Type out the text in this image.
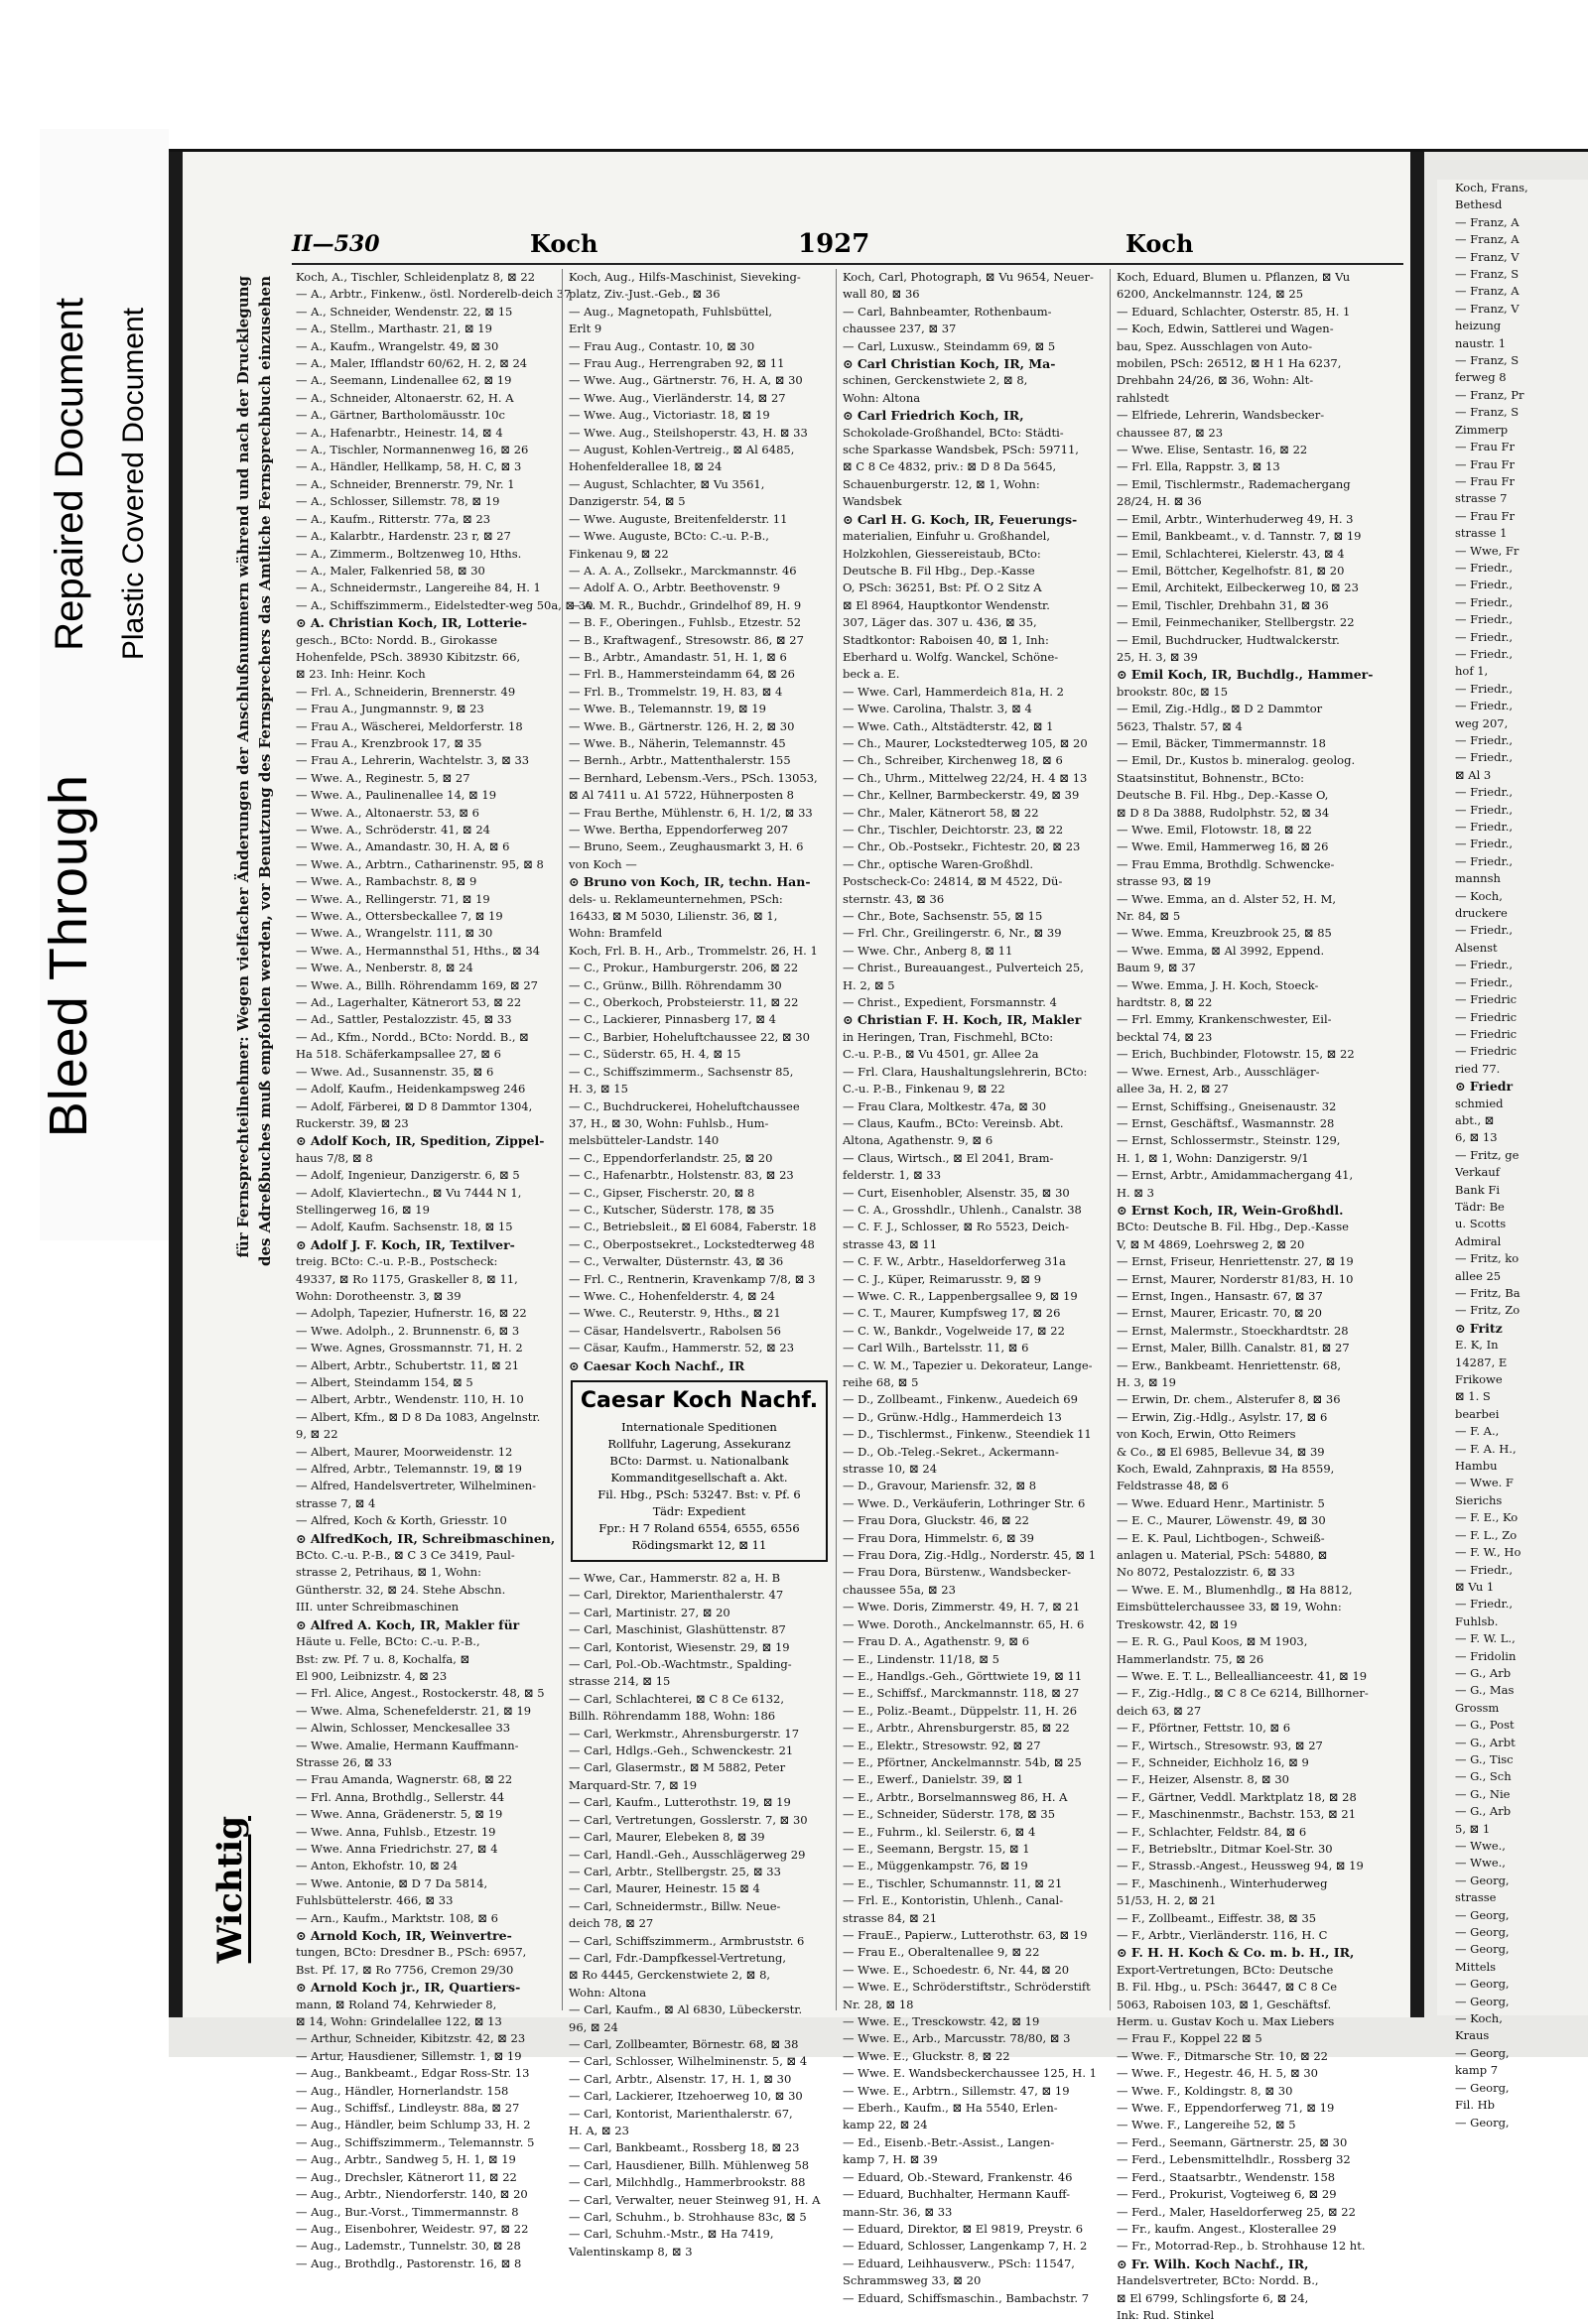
Bleed Through
Repaired Document Plastic Covered Document
II—530	Koch	1927	Koch
für Fernsprechteilnehmer: Wegen vielfacher Änderungen der Anschlußnummern während und nach der Drucklegung des Adreßbuches muß empfohlen werden, vor Benutzung des Fernsprechers das Amtliche Fernsprechbuch einzusehen
Wichtig
Koch, A., Tischler, Schleidenplatz 8, ⊠ 22
— A., Arbtr., Finkenw., östl. Norderelb-deich 37
— A., Schneider, Wendenstr. 22, ⊠ 15
— A., Stellm., Marthastr. 21, ⊠ 19
— A., Kaufm., Wrangelstr. 49, ⊠ 30
— A., Maler, Ifflandstr 60/62, H. 2, ⊠ 24
— A., Seemann, Lindenallee 62, ⊠ 19
— A., Schneider, Altonaerstr. 62, H. A
— A., Gärtner, Bartholomäusstr. 10c
— A., Hafenarbtr., Heinestr. 14, ⊠ 4
— A., Tischler, Normannenweg 16, ⊠ 26
— A., Händler, Hellkamp, 58, H. C, ⊠ 3
— A., Schneider, Brennerstr. 79, Nr. 1
— A., Schlosser, Sillemstr. 78, ⊠ 19
— A., Kaufm., Ritterstr. 77a, ⊠ 23
— A., Kalarbtr., Hardenstr. 23 r, ⊠ 27
— A., Zimmerm., Boltzenweg 10, Hths.
— A., Maler, Falkenried 58, ⊠ 30
— A., Schneidermstr., Langereihe 84, H. 1
— A., Schiffszimmerm., Eidelstedter-weg 50a, ⊠ 30
⊙ A. Christian Koch, IR, Lotterie-
gesch., BCto: Nordd. B., Girokasse
Hohenfelde, PSch. 38930 Kibitzstr. 66,
⊠ 23. Inh: Heinr. Koch
— Frl. A., Schneiderin, Brennerstr. 49
— Frau A., Jungmannstr. 9, ⊠ 23
— Frau A., Wäscherei, Meldorferstr. 18
— Frau A., Krenzbrook 17, ⊠ 35
— Frau A., Lehrerin, Wachtelstr. 3, ⊠ 33
— Wwe. A., Reginestr. 5, ⊠ 27
— Wwe. A., Paulinenallee 14, ⊠ 19
— Wwe. A., Altonaerstr. 53, ⊠ 6
— Wwe. A., Schröderstr. 41, ⊠ 24
— Wwe. A., Amandastr. 30, H. A, ⊠ 6
— Wwe. A., Arbtrn., Catharinenstr. 95, ⊠ 8
— Wwe. A., Rambachstr. 8, ⊠ 9
— Wwe. A., Rellingerstr. 71, ⊠ 19
— Wwe. A., Ottersbeckallee 7, ⊠ 19
— Wwe. A., Wrangelstr. 111, ⊠ 30
— Wwe. A., Hermannsthal 51, Hths., ⊠ 34
— Wwe. A., Nenberstr. 8, ⊠ 24
— Wwe. A., Billh. Röhrendamm 169, ⊠ 27
— Ad., Lagerhalter, Kätnerort 53, ⊠ 22
— Ad., Sattler, Pestalozzistr. 45, ⊠ 33
— Ad., Kfm., Nordd., BCto: Nordd. B., ⊠
Ha 518. Schäferkampsallee 27, ⊠ 6
— Wwe. Ad., Susannenstr. 35, ⊠ 6
— Adolf, Kaufm., Heidenkampsweg 246
— Adolf, Färberei, ⊠ D 8 Dammtor 1304,
Ruckerstr. 39, ⊠ 23
⊙ Adolf Koch, IR, Spedition, Zippel-
haus 7/8, ⊠ 8
— Adolf, Ingenieur, Danzigerstr. 6, ⊠ 5
— Adolf, Klaviertechn., ⊠ Vu 7444 N 1,
Stellingerweg 16, ⊠ 19
— Adolf, Kaufm. Sachsenstr. 18, ⊠ 15
⊙ Adolf J. F. Koch, IR, Textilver-
treig. BCto: C.-u. P.-B., Postscheck:
49337, ⊠ Ro 1175, Graskeller 8, ⊠ 11,
Wohn: Dorotheenstr. 3, ⊠ 39
— Adolph, Tapezier, Hufnerstr. 16, ⊠ 22
— Wwe. Adolph., 2. Brunnenstr. 6, ⊠ 3
— Wwe. Agnes, Grossmannstr. 71, H. 2
— Albert, Arbtr., Schubertstr. 11, ⊠ 21
— Albert, Steindamm 154, ⊠ 5
— Albert, Arbtr., Wendenstr. 110, H. 10
— Albert, Kfm., ⊠ D 8 Da 1083, Angelnstr.
9, ⊠ 22
— Albert, Maurer, Moorweidenstr. 12
— Alfred, Arbtr., Telemannstr. 19, ⊠ 19
— Alfred, Handelsvertreter, Wilhelminen-
strasse 7, ⊠ 4
— Alfred, Koch & Korth, Griesstr. 10
⊙ AlfredKoch, IR, Schreibmaschinen,
BCto. C.-u. P.-B., ⊠ C 3 Ce 3419, Paul-
strasse 2, Petrihaus, ⊠ 1, Wohn:
Güntherstr. 32, ⊠ 24. Stehe Abschn.
III. unter Schreibmaschinen
⊙ Alfred A. Koch, IR, Makler für
Häute u. Felle, BCto: C.-u. P.-B.,
Bst: zw. Pf. 7 u. 8, Kochalfa, ⊠
El 900, Leibnizstr. 4, ⊠ 23
— Frl. Alice, Angest., Rostockerstr. 48, ⊠ 5
— Wwe. Alma, Schenefelderstr. 21, ⊠ 19
— Alwin, Schlosser, Menckesallee 33
— Wwe. Amalie, Hermann Kauffmann-
Strasse 26, ⊠ 33
— Frau Amanda, Wagnerstr. 68, ⊠ 22
— Frl. Anna, Brothdlg., Sellerstr. 44
— Wwe. Anna, Grädenerstr. 5, ⊠ 19
— Wwe. Anna, Fuhlsb., Etzestr. 19
— Wwe. Anna Friedrichstr. 27, ⊠ 4
— Anton, Ekhofstr. 10, ⊠ 24
— Wwe. Antonie, ⊠ D 7 Da 5814,
Fuhlsbüttelerstr. 466, ⊠ 33
— Arn., Kaufm., Marktstr. 108, ⊠ 6
⊙ Arnold Koch, IR, Weinvertre-
tungen, BCto: Dresdner B., PSch: 6957,
Bst. Pf. 17, ⊠ Ro 7756, Cremon 29/30
⊙ Arnold Koch jr., IR, Quartiers-
mann, ⊠ Roland 74, Kehrwieder 8,
⊠ 14, Wohn: Grindelallee 122, ⊠ 13
— Arthur, Schneider, Kibitzstr. 42, ⊠ 23
— Artur, Hausdiener, Sillemstr. 1, ⊠ 19
— Aug., Bankbeamt., Edgar Ross-Str. 13
— Aug., Händler, Hornerlandstr. 158
— Aug., Schiffsf., Lindleystr. 88a, ⊠ 27
— Aug., Händler, beim Schlump 33, H. 2
— Aug., Schiffszimmerm., Telemannstr. 5
— Aug., Arbtr., Sandweg 5, H. 1, ⊠ 19
— Aug., Drechsler, Kätnerort 11, ⊠ 22
— Aug., Arbtr., Niendorferstr. 140, ⊠ 20
— Aug., Bur.-Vorst., Timmermannstr. 8
— Aug., Eisenbohrer, Weidestr. 97, ⊠ 22
— Aug., Lademstr., Tunnelstr. 30, ⊠ 28
— Aug., Brothdlg., Pastorenstr. 16, ⊠ 8
Koch, Aug., Hilfs-Maschinist, Sieveking-
platz, Ziv.-Just.-Geb., ⊠ 36
— Aug., Magnetopath, Fuhlsbüttel,
Erlt 9
— Frau Aug., Contastr. 10, ⊠ 30
— Frau Aug., Herrengraben 92, ⊠ 11
— Wwe. Aug., Gärtnerstr. 76, H. A, ⊠ 30
— Wwe. Aug., Vierländerstr. 14, ⊠ 27
— Wwe. Aug., Victoriastr. 18, ⊠ 19
— Wwe. Aug., Steilshoperstr. 43, H. ⊠ 33
— August, Kohlen-Vertreig., ⊠ Al 6485,
Hohenfelderallee 18, ⊠ 24
— August, Schlachter, ⊠ Vu 3561,
Danzigerstr. 54, ⊠ 5
— Wwe. Auguste, Breitenfelderstr. 11
— Wwe. Auguste, BCto: C.-u. P.-B.,
Finkenau 9, ⊠ 22
— A. A. A., Zollsekr., Marckmannstr. 46
— Adolf A. O., Arbtr. Beethovenstr. 9
— A. M. R., Buchdr., Grindelhof 89, H. 9
— B. F., Oberingen., Fuhlsb., Etzestr. 52
— B., Kraftwagenf., Stresowstr. 86, ⊠ 27
— B., Arbtr., Amandastr. 51, H. 1, ⊠ 6
— Frl. B., Hammersteindamm 64, ⊠ 26
— Frl. B., Trommelstr. 19, H. 83, ⊠ 4
— Wwe. B., Telemannstr. 19, ⊠ 19
— Wwe. B., Gärtnerstr. 126, H. 2, ⊠ 30
— Wwe. B., Näherin, Telemannstr. 45
— Bernh., Arbtr., Mattenthalerstr. 155
— Bernhard, Lebensm.-Vers., PSch. 13053,
⊠ Al 7411 u. A1 5722, Hühnerposten 8
— Frau Berthe, Mühlenstr. 6, H. 1/2, ⊠ 33
— Wwe. Bertha, Eppendorferweg 207
— Bruno, Seem., Zeughausmarkt 3, H. 6
von Koch —
⊙ Bruno von Koch, IR, techn. Han-
dels- u. Reklameunternehmen, PSch:
16433, ⊠ M 5030, Lilienstr. 36, ⊠ 1,
Wohn: Bramfeld
Koch, Frl. B. H., Arb., Trommelstr. 26, H. 1
— C., Prokur., Hamburgerstr. 206, ⊠ 22
— C., Grünw., Billh. Röhrendamm 30
— C., Oberkoch, Probsteierstr. 11, ⊠ 22
— C., Lackierer, Pinnasberg 17, ⊠ 4
— C., Barbier, Hoheluftchaussee 22, ⊠ 30
— C., Süderstr. 65, H. 4, ⊠ 15
— C., Schiffszimmerm., Sachsenstr 85,
H. 3, ⊠ 15
— C., Buchdruckerei, Hoheluftchaussee
37, H., ⊠ 30, Wohn: Fuhlsb., Hum-
melsbütteler-Landstr. 140
— C., Eppendorferlandstr. 25, ⊠ 20
— C., Hafenarbtr., Holstenstr. 83, ⊠ 23
— C., Gipser, Fischerstr. 20, ⊠ 8
— C., Kutscher, Süderstr. 178, ⊠ 35
— C., Betriebsleit., ⊠ El 6084, Faberstr. 18
— C., Oberpostsekret., Lockstedterweg 48
— C., Verwalter, Düsternstr. 43, ⊠ 36
— Frl. C., Rentnerin, Kravenkamp 7/8, ⊠ 3
— Wwe. C., Hohenfelderstr. 4, ⊠ 24
— Wwe. C., Reuterstr. 9, Hths., ⊠ 21
— Cäsar, Handelsvertr., Rabolsen 56
— Cäsar, Kaufm., Hammerstr. 52, ⊠ 23
⊙ Caesar Koch Nachf., IR
Caesar Koch Nachf.
Internationale Speditionen
Rollfuhr, Lagerung, Assekuranz
BCto: Darmst. u. Nationalbank
Kommanditgesellschaft a. Akt.
Fil. Hbg., PSch: 53247. Bst: v. Pf. 6
Tädr: Expedient
Fpr.: H 7 Roland 6554, 6555, 6556
Rödingsmarkt 12, ⊠ 11
— Wwe, Car., Hammerstr. 82 a, H. B
— Carl, Direktor, Marienthalerstr. 47
— Carl, Martinistr. 27, ⊠ 20
— Carl, Maschinist, Glashüttenstr. 87
— Carl, Kontorist, Wiesenstr. 29, ⊠ 19
— Carl, Pol.-Ob.-Wachtmstr., Spalding-
strasse 214, ⊠ 15
— Carl, Schlachterei, ⊠ C 8 Ce 6132,
Billh. Röhrendamm 188, Wohn: 186
— Carl, Werkmstr., Ahrensburgerstr. 17
— Carl, Hdlgs.-Geh., Schwenckestr. 21
— Carl, Glasermstr., ⊠ M 5882, Peter
Marquard-Str. 7, ⊠ 19
— Carl, Kaufm., Lutterothstr. 19, ⊠ 19
— Carl, Vertretungen, Gosslerstr. 7, ⊠ 30
— Carl, Maurer, Elebeken 8, ⊠ 39
— Carl, Handl.-Geh., Ausschlägerweg 29
— Carl, Arbtr., Stellbergstr. 25, ⊠ 33
— Carl, Maurer, Heinestr. 15 ⊠ 4
— Carl, Schneidermstr., Billw. Neue-
deich 78, ⊠ 27
— Carl, Schiffszimmerm., Armbruststr. 6
— Carl, Fdr.-Dampfkessel-Vertretung,
⊠ Ro 4445, Gerckenstwiete 2, ⊠ 8,
Wohn: Altona
— Carl, Kaufm., ⊠ Al 6830, Lübeckerstr.
96, ⊠ 24
— Carl, Zollbeamter, Börnestr. 68, ⊠ 38
— Carl, Schlosser, Wilhelminenstr. 5, ⊠ 4
— Carl, Arbtr., Alsenstr. 17, H. 1, ⊠ 30
— Carl, Lackierer, Itzehoerweg 10, ⊠ 30
— Carl, Kontorist, Marienthalerstr. 67,
H. A, ⊠ 23
— Carl, Bankbeamt., Rossberg 18, ⊠ 23
— Carl, Hausdiener, Billh. Mühlenweg 58
— Carl, Milchhdlg., Hammerbrookstr. 88
— Carl, Verwalter, neuer Steinweg 91, H. A
— Carl, Schuhm., b. Strohhause 83c, ⊠ 5
— Carl, Schuhm.-Mstr., ⊠ Ha 7419,
Valentinskamp 8, ⊠ 3
Koch, Carl, Photograph, ⊠ Vu 9654, Neuer-
wall 80, ⊠ 36
— Carl, Bahnbeamter, Rothenbaum-
chaussee 237, ⊠ 37
— Carl, Luxusw., Steindamm 69, ⊠ 5
⊙ Carl Christian Koch, IR, Ma-
schinen, Gerckenstwiete 2, ⊠ 8,
Wohn: Altona
⊙ Carl Friedrich Koch, IR,
Schokolade-Großhandel, BCto: Städti-
sche Sparkasse Wandsbek, PSch: 59711,
⊠ C 8 Ce 4832, priv.: ⊠ D 8 Da 5645,
Schauenburgerstr. 12, ⊠ 1, Wohn:
Wandsbek
⊙ Carl H. G. Koch, IR, Feuerungs-
materialien, Einfuhr u. Großhandel,
Holzkohlen, Giessereistaub, BCto:
Deutsche B. Fil Hbg., Dep.-Kasse
O, PSch: 36251, Bst: Pf. O 2 Sitz A
⊠ El 8964, Hauptkontor Wendenstr.
307, Läger das. 307 u. 436, ⊠ 35,
Stadtkontor: Raboisen 40, ⊠ 1, Inh:
Eberhard u. Wolfg. Wanckel, Schöne-
beck a. E.
— Wwe. Carl, Hammerdeich 81a, H. 2
— Wwe. Carolina, Thalstr. 3, ⊠ 4
— Wwe. Cath., Altstädterstr. 42, ⊠ 1
— Ch., Maurer, Lockstedterweg 105, ⊠ 20
— Ch., Schreiber, Kirchenweg 18, ⊠ 6
— Ch., Uhrm., Mittelweg 22/24, H. 4 ⊠ 13
— Chr., Kellner, Barmbeckerstr. 49, ⊠ 39
— Chr., Maler, Kätnerort 58, ⊠ 22
— Chr., Tischler, Deichtorstr. 23, ⊠ 22
— Chr., Ob.-Postsekr., Fichtestr. 20, ⊠ 23
— Chr., optische Waren-Großhdl.
Postscheck-Co: 24814, ⊠ M 4522, Dü-
sternstr. 43, ⊠ 36
— Chr., Bote, Sachsenstr. 55, ⊠ 15
— Frl. Chr., Greilingerstr. 6, Nr., ⊠ 39
— Wwe. Chr., Anberg 8, ⊠ 11
— Christ., Bureauangest., Pulverteich 25,
H. 2, ⊠ 5
— Christ., Expedient, Forsmannstr. 4
⊙ Christian F. H. Koch, IR, Makler
in Heringen, Tran, Fischmehl, BCto:
C.-u. P.-B., ⊠ Vu 4501, gr. Allee 2a
— Frl. Clara, Haushaltungslehrerin, BCto:
C.-u. P.-B., Finkenau 9, ⊠ 22
— Frau Clara, Moltkestr. 47a, ⊠ 30
— Claus, Kaufm., BCto: Vereinsb. Abt.
Altona, Agathenstr. 9, ⊠ 6
— Claus, Wirtsch., ⊠ El 2041, Bram-
felderstr. 1, ⊠ 33
— Curt, Eisenhobler, Alsenstr. 35, ⊠ 30
— C. A., Grosshdlr., Uhlenh., Canalstr. 38
— C. F. J., Schlosser, ⊠ Ro 5523, Deich-
strasse 43, ⊠ 11
— C. F. W., Arbtr., Haseldorferweg 31a
— C. J., Küper, Reimarusstr. 9, ⊠ 9
— Wwe. C. R., Lappenbergsallee 9, ⊠ 19
— C. T., Maurer, Kumpfsweg 17, ⊠ 26
— C. W., Bankdr., Vogelweide 17, ⊠ 22
— Carl Wilh., Bartelsstr. 11, ⊠ 6
— C. W. M., Tapezier u. Dekorateur, Lange-
reihe 68, ⊠ 5
— D., Zollbeamt., Finkenw., Auedeich 69
— D., Grünw.-Hdlg., Hammerdeich 13
— D., Tischlermst., Finkenw., Steendiek 11
— D., Ob.-Teleg.-Sekret., Ackermann-
strasse 10, ⊠ 24
— D., Gravour, Mariensfr. 32, ⊠ 8
— Wwe. D., Verkäuferin, Lothringer Str. 6
— Frau Dora, Gluckstr. 46, ⊠ 22
— Frau Dora, Himmelstr. 6, ⊠ 39
— Frau Dora, Zig.-Hdlg., Norderstr. 45, ⊠ 1
— Frau Dora, Bürstenw., Wandsbecker-
chaussee 55a, ⊠ 23
— Wwe. Doris, Zimmerstr. 49, H. 7, ⊠ 21
— Wwe. Doroth., Anckelmannstr. 65, H. 6
— Frau D. A., Agathenstr. 9, ⊠ 6
— E., Lindenstr. 11/18, ⊠ 5
— E., Handlgs.-Geh., Görttwiete 19, ⊠ 11
— E., Schiffsf., Marckmannstr. 118, ⊠ 27
— E., Poliz.-Beamt., Düppelstr. 11, H. 26
— E., Arbtr., Ahrensburgerstr. 85, ⊠ 22
— E., Elektr., Stresowstr. 92, ⊠ 27
— E., Pförtner, Anckelmannstr. 54b, ⊠ 25
— E., Ewerf., Danielstr. 39, ⊠ 1
— E., Arbtr., Borselmannsweg 86, H. A
— E., Schneider, Süderstr. 178, ⊠ 35
— E., Fuhrm., kl. Seilerstr. 6, ⊠ 4
— E., Seemann, Bergstr. 15, ⊠ 1
— E., Müggenkampstr. 76, ⊠ 19
— E., Tischler, Schumannstr. 11, ⊠ 21
— Frl. E., Kontoristin, Uhlenh., Canal-
strasse 84, ⊠ 21
— FrauE., Papierw., Lutterothstr. 63, ⊠ 19
— Frau E., Oberaltenallee 9, ⊠ 22
— Wwe. E., Schoedestr. 6, Nr. 44, ⊠ 20
— Wwe. E., Schröderstiftstr., Schröderstift
Nr. 28, ⊠ 18
— Wwe. E., Tresckowstr. 42, ⊠ 19
— Wwe. E., Arb., Marcusstr. 78/80, ⊠ 3
— Wwe. E., Gluckstr. 8, ⊠ 22
— Wwe. E. Wandsbeckerchaussee 125, H. 1
— Wwe. E., Arbtrn., Sillemstr. 47, ⊠ 19
— Eberh., Kaufm., ⊠ Ha 5540, Erlen-
kamp 22, ⊠ 24
— Ed., Eisenb.-Betr.-Assist., Langen-
kamp 7, H. ⊠ 39
— Eduard, Ob.-Steward, Frankenstr. 46
— Eduard, Buchhalter, Hermann Kauff-
mann-Str. 36, ⊠ 33
— Eduard, Direktor, ⊠ El 9819, Preystr. 6
— Eduard, Schlosser, Langenkamp 7, H. 2
— Eduard, Leihhausverw., PSch: 11547,
Schrammsweg 33, ⊠ 20
— Eduard, Schiffsmaschin., Bambachstr. 7
Koch, Eduard, Blumen u. Pflanzen, ⊠ Vu
6200, Anckelmannstr. 124, ⊠ 25
— Eduard, Schlachter, Osterstr. 85, H. 1
— Koch, Edwin, Sattlerei und Wagen-
bau, Spez. Ausschlagen von Auto-
mobilen, PSch: 26512, ⊠ H 1 Ha 6237,
Drehbahn 24/26, ⊠ 36, Wohn: Alt-
rahlstedt
— Elfriede, Lehrerin, Wandsbecker-
chaussee 87, ⊠ 23
— Wwe. Elise, Sentastr. 16, ⊠ 22
— Frl. Ella, Rappstr. 3, ⊠ 13
— Emil, Tischlermstr., Rademachergang
28/24, H. ⊠ 36
— Emil, Arbtr., Winterhuderweg 49, H. 3
— Emil, Bankbeamt., v. d. Tannstr. 7, ⊠ 19
— Emil, Schlachterei, Kielerstr. 43, ⊠ 4
— Emil, Böttcher, Kegelhofstr. 81, ⊠ 20
— Emil, Architekt, Eilbeckerweg 10, ⊠ 23
— Emil, Tischler, Drehbahn 31, ⊠ 36
— Emil, Feinmechaniker, Stellbergstr. 22
— Emil, Buchdrucker, Hudtwalckerstr.
25, H. 3, ⊠ 39
⊙ Emil Koch, IR, Buchdlg., Hammer-
brookstr. 80c, ⊠ 15
— Emil, Zig.-Hdlg., ⊠ D 2 Dammtor
5623, Thalstr. 57, ⊠ 4
— Emil, Bäcker, Timmermannstr. 18
— Emil, Dr., Kustos b. mineralog. geolog.
Staatsinstitut, Bohnenstr., BCto:
Deutsche B. Fil. Hbg., Dep.-Kasse O,
⊠ D 8 Da 3888, Rudolphstr. 52, ⊠ 34
— Wwe. Emil, Flotowstr. 18, ⊠ 22
— Wwe. Emil, Hammerweg 16, ⊠ 26
— Frau Emma, Brothdlg. Schwencke-
strasse 93, ⊠ 19
— Wwe. Emma, an d. Alster 52, H. M,
Nr. 84, ⊠ 5
— Wwe. Emma, Kreuzbrook 25, ⊠ 85
— Wwe. Emma, ⊠ Al 3992, Eppend.
Baum 9, ⊠ 37
— Wwe. Emma, J. H. Koch, Stoeck-
hardtstr. 8, ⊠ 22
— Frl. Emmy, Krankenschwester, Eil-
becktal 74, ⊠ 23
— Erich, Buchbinder, Flotowstr. 15, ⊠ 22
— Wwe. Ernest, Arb., Ausschläger-
allee 3a, H. 2, ⊠ 27
— Ernst, Schiffsing., Gneisenaustr. 32
— Ernst, Geschäftsf., Wasmannstr. 28
— Ernst, Schlossermstr., Steinstr. 129,
H. 1, ⊠ 1, Wohn: Danzigerstr. 9/1
— Ernst, Arbtr., Amidammachergang 41,
H. ⊠ 3
⊙ Ernst Koch, IR, Wein-Großhdl.
BCto: Deutsche B. Fil. Hbg., Dep.-Kasse
V, ⊠ M 4869, Loehrsweg 2, ⊠ 20
— Ernst, Friseur, Henriettenstr. 27, ⊠ 19
— Ernst, Maurer, Norderstr 81/83, H. 10
— Ernst, Ingen., Hansastr. 67, ⊠ 37
— Ernst, Maurer, Ericastr. 70, ⊠ 20
— Ernst, Malermstr., Stoeckhardtstr. 28
— Ernst, Maler, Billh. Canalstr. 81, ⊠ 27
— Erw., Bankbeamt. Henriettenstr. 68,
H. 3, ⊠ 19
— Erwin, Dr. chem., Alsterufer 8, ⊠ 36
— Erwin, Zig.-Hdlg., Asylstr. 17, ⊠ 6
von Koch, Erwin, Otto Reimers
& Co., ⊠ El 6985, Bellevue 34, ⊠ 39
Koch, Ewald, Zahnpraxis, ⊠ Ha 8559,
Feldstrasse 48, ⊠ 6
— Wwe. Eduard Henr., Martinistr. 5
— E. C., Maurer, Löwenstr. 49, ⊠ 30
— E. K. Paul, Lichtbogen-, Schweiß-
anlagen u. Material, PSch: 54880, ⊠
No 8072, Pestalozzistr. 6, ⊠ 33
— Wwe. E. M., Blumenhdlg., ⊠ Ha 8812,
Eimsbüttelerchaussee 33, ⊠ 19, Wohn:
Treskowstr. 42, ⊠ 19
— E. R. G., Paul Koos, ⊠ M 1903,
Hammerlandstr. 75, ⊠ 26
— Wwe. E. T. L., Belleallianceestr. 41, ⊠ 19
— F., Zig.-Hdlg., ⊠ C 8 Ce 6214, Billhorner-
deich 63, ⊠ 27
— F., Pförtner, Fettstr. 10, ⊠ 6
— F., Wirtsch., Stresowstr. 93, ⊠ 27
— F., Schneider, Eichholz 16, ⊠ 9
— F., Heizer, Alsenstr. 8, ⊠ 30
— F., Gärtner, Veddl. Marktplatz 18, ⊠ 28
— F., Maschinenmstr., Bachstr. 153, ⊠ 21
— F., Schlachter, Feldstr. 84, ⊠ 6
— F., Betriebsltr., Ditmar Koel-Str. 30
— F., Strassb.-Angest., Heussweg 94, ⊠ 19
— F., Maschinenh., Winterhuderweg
51/53, H. 2, ⊠ 21
— F., Zollbeamt., Eiffestr. 38, ⊠ 35
— F., Arbtr., Vierländerstr. 116, H. C
⊙ F. H. H. Koch & Co. m. b. H., IR,
Export-Vertretungen, BCto: Deutsche
B. Fil. Hbg., u. PSch: 36447, ⊠ C 8 Ce
5063, Raboisen 103, ⊠ 1, Geschäftsf.
Herm. u. Gustav Koch u. Max Liebers
— Frau F., Koppel 22 ⊠ 5
— Wwe. F., Ditmarsche Str. 10, ⊠ 22
— Wwe. F., Hegestr. 46, H. 5, ⊠ 30
— Wwe. F., Koldingstr. 8, ⊠ 30
— Wwe. F., Eppendorferweg 71, ⊠ 19
— Wwe. F., Langereihe 52, ⊠ 5
— Ferd., Seemann, Gärtnerstr. 25, ⊠ 30
— Ferd., Lebensmittelhdlr., Rossberg 32
— Ferd., Staatsarbtr., Wendenstr. 158
— Ferd., Prokurist, Vogteiweg 6, ⊠ 29
— Ferd., Maler, Haseldorferweg 25, ⊠ 22
— Fr., kaufm. Angest., Klosterallee 29
— Fr., Motorrad-Rep., b. Strohhause 12 ht.
⊙ Fr. Wilh. Koch Nachf., IR,
Handelsvertreter, BCto: Nordd. B.,
⊠ El 6799, Schlingsforte 6, ⊠ 24,
Ink: Rud. Stinkel
Koch, Frans,
Bethesd
— Franz, A
— Franz, A
— Franz, V
— Franz, S
— Franz, A
— Franz, V
heizung
naustr. 1
— Franz, S
ferweg 8
— Franz, Pr
— Franz, S
Zimmerp
— Frau Fr
— Frau Fr
— Frau Fr
strasse 7
— Frau Fr
strasse 1
— Wwe, Fr
— Friedr.,
— Friedr.,
— Friedr.,
— Friedr.,
— Friedr.,
— Friedr.,
hof 1,
— Friedr.,
— Friedr.,
weg 207,
— Friedr.,
— Friedr.,
⊠ Al 3
— Friedr.,
— Friedr.,
— Friedr.,
— Friedr.,
— Friedr.,
mannsh
— Koch,
druckere
— Friedr.,
Alsenst
— Friedr.,
— Friedr.,
— Friedric
— Friedric
— Friedric
— Friedric
ried 77.
⊙ Friedr
schmied
abt., ⊠
6, ⊠ 13
— Fritz, ge
Verkauf
Bank Fi
Tädr: Be
u. Scotts
Admiral
— Fritz, ko
allee 25
— Fritz, Ba
— Fritz, Zo
⊙ Fritz
E. K, In
14287, E
Frikowe
⊠ 1. S
bearbei
— F. A.,
— F. A. H.,
Hambu
— Wwe. F
Sierichs
— F. E., Ko
— F. L., Zo
— F. W., Ho
— Friedr.,
⊠ Vu 1
— Friedr.,
Fuhlsb.
— F. W. L.,
— Fridolin
— G., Arb
— G., Mas
Grossm
— G., Post
— G., Arbt
— G., Tisc
— G., Sch
— G., Nie
— G., Arb
5, ⊠ 1
— Wwe.,
— Wwe.,
— Georg,
strasse
— Georg,
— Georg,
— Georg,
Mittels
— Georg,
— Georg,
— Koch,
Kraus
— Georg,
kamp 7
— Georg,
Fil. Hb
— Georg,
